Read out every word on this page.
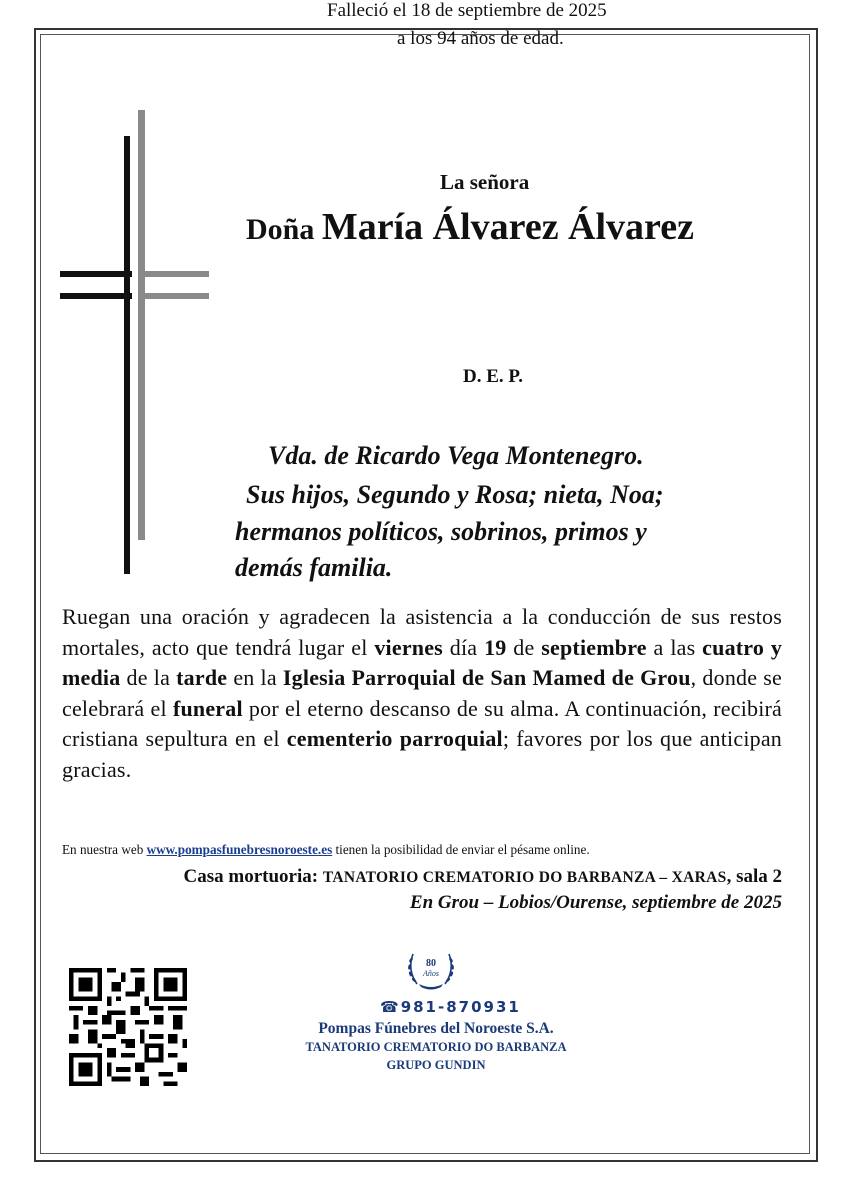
La señora
Doña María Álvarez Álvarez
Falleció el 18 de septiembre de 2025
a los 94 años de edad.
D. E. P.
Vda. de Ricardo Vega Montenegro.
Sus hijos, Segundo y Rosa; nieta, Noa;
hermanos políticos, sobrinos, primos y
demás familia.
Ruegan una oración y agradecen la asistencia a la conducción de sus restos mortales, acto que tendrá lugar el viernes día 19 de septiembre a las cuatro y media de la tarde en la Iglesia Parroquial de San Mamed de Grou, donde se celebrará el funeral por el eterno descanso de su alma. A continuación, recibirá cristiana sepultura en el cementerio parroquial; favores por los que anticipan gracias.
En nuestra web www.pompasfunebresnoroeste.es tienen la posibilidad de enviar el pésame online.
Casa mortuoria: TANATORIO CREMATORIO DO BARBANZA – XARAS, sala 2
En Grou – Lobios/Ourense, septiembre de 2025
80
Años
☎981-870931
Pompas Fúnebres del Noroeste S.A.
TANATORIO CREMATORIO DO BARBANZA
GRUPO GUNDIN
